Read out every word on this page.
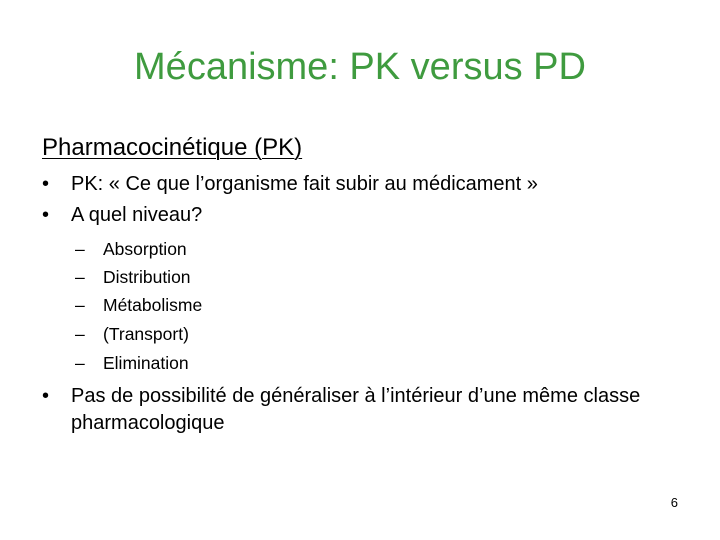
Mécanisme: PK versus PD
Pharmacocinétique (PK)
• PK: « Ce que l’organisme fait subir au médicament »
• A quel niveau?
– Absorption
– Distribution
– Métabolisme
– (Transport)
– Elimination
• Pas de possibilité de généraliser à l’intérieur d’une même classe pharmacologique
6
